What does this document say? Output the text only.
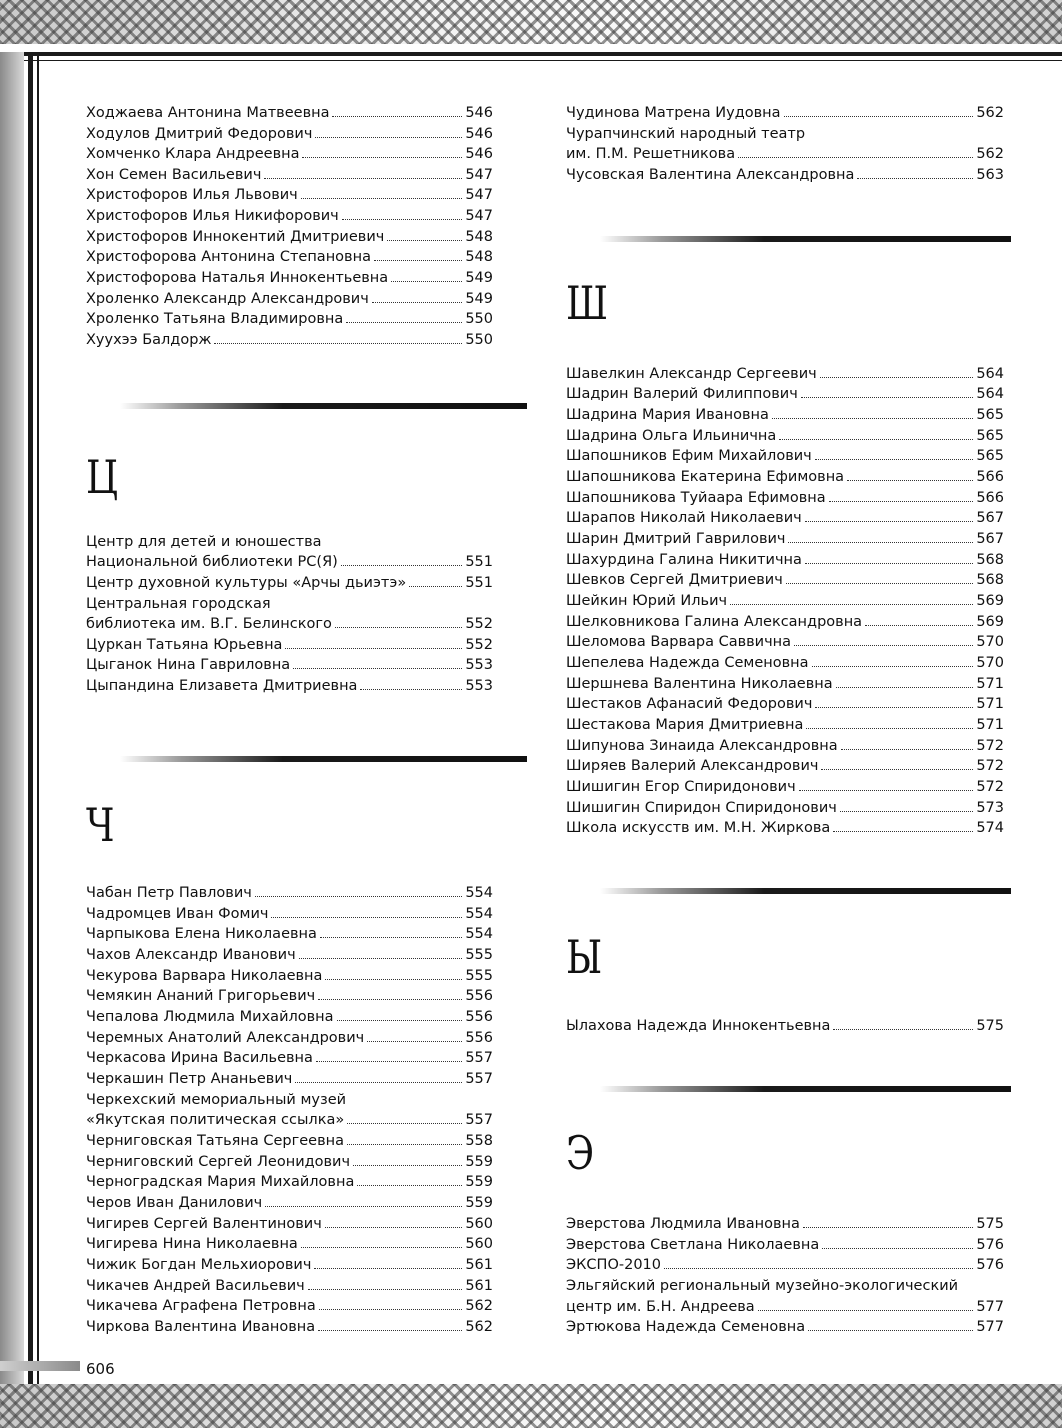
606
Ц
Ч
Ш
Ы
Э
Ходжаева Антонина Матвеевна	546
Ходулов Дмитрий Федорович	546
Хомченко Клара Андреевна	546
Хон Семен Васильевич	547
Христофоров Илья Львович	547
Христофоров Илья Никифорович	547
Христофоров Иннокентий Дмитриевич	548
Христофорова Антонина Степановна	548
Христофорова Наталья Иннокентьевна	549
Хроленко Александр Александрович	549
Хроленко Татьяна Владимировна	550
Хуухээ Балдорж	550
Центр для детей и юношества
Национальной библиотеки РС(Я)	551
Центр духовной культуры «Арчы дьиэтэ»	551
Центральная городская
библиотека им. В.Г. Белинского	552
Цуркан Татьяна Юрьевна	552
Цыганок Нина Гавриловна	553
Цыпандина Елизавета Дмитриевна	553
Чабан Петр Павлович	554
Чадромцев Иван Фомич	554
Чарпыкова Елена Николаевна	554
Чахов Александр Иванович	555
Чекурова Варвара Николаевна	555
Чемякин Ананий Григорьевич	556
Чепалова Людмила Михайловна	556
Черемных Анатолий Александрович	556
Черкасова Ирина Васильевна	557
Черкашин Петр Ананьевич	557
Черкехский мемориальный музей
«Якутская политическая ссылка»	557
Черниговская Татьяна Сергеевна	558
Черниговский Сергей Леонидович	559
Черноградская Мария Михайловна	559
Черов Иван Данилович	559
Чигирев Сергей Валентинович	560
Чигирева Нина Николаевна	560
Чижик Богдан Мельхиорович	561
Чикачев Андрей Васильевич	561
Чикачева Аграфена Петровна	562
Чиркова Валентина Ивановна	562
Чудинова Матрена Иудовна	562
Чурапчинский народный театр
им. П.М. Решетникова	562
Чусовская Валентина Александровна	563
Шавелкин Александр Сергеевич	564
Шадрин Валерий Филиппович	564
Шадрина Мария Ивановна	565
Шадрина Ольга Ильинична	565
Шапошников Ефим Михайлович	565
Шапошникова Екатерина Ефимовна	566
Шапошникова Туйаара Ефимовна	566
Шарапов Николай Николаевич	567
Шарин Дмитрий Гаврилович	567
Шахурдина Галина Никитична	568
Шевков Сергей Дмитриевич	568
Шейкин Юрий Ильич	569
Шелковникова Галина Александровна	569
Шеломова Варвара Саввична	570
Шепелева Надежда Семеновна	570
Шершнева Валентина Николаевна	571
Шестаков Афанасий Федорович	571
Шестакова Мария Дмитриевна	571
Шипунова Зинаида Александровна	572
Ширяев Валерий Александрович	572
Шишигин Егор Спиридонович	572
Шишигин Спиридон Спиридонович	573
Школа искусств им. М.Н. Жиркова	574
Ылахова Надежда Иннокентьевна	575
Эверстова Людмила Ивановна	575
Эверстова Светлана Николаевна	576
ЭКСПО-2010	576
Эльгяйский региональный музейно-экологический
центр им. Б.Н. Андреева	577
Эртюкова Надежда Семеновна	577
